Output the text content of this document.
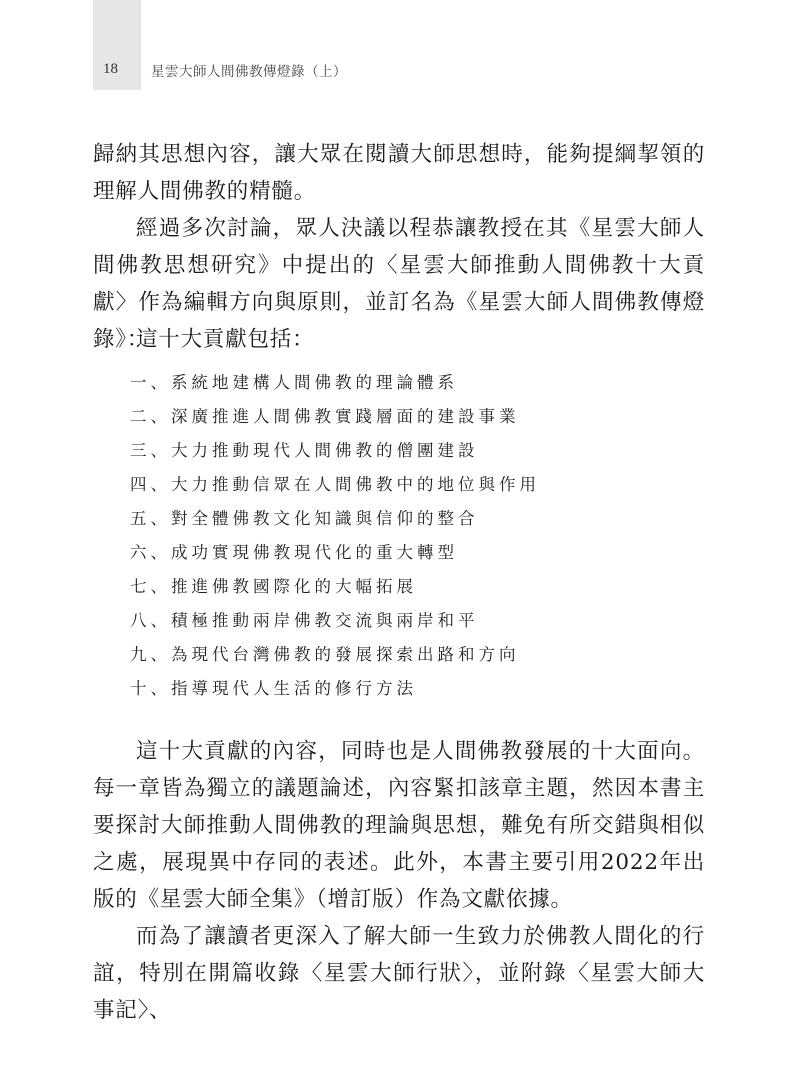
18 星雲大師人間佛教傳燈錄（上）

歸納其思想內容，讓大眾在閱讀大師思想時，能夠提綱挈領的理解人間佛教的精髓。

經過多次討論，眾人決議以程恭讓教授在其《星雲大師人間佛教思想研究》中提出的〈星雲大師推動人間佛教十大貢獻〉作為編輯方向與原則，並訂名為《星雲大師人間佛教傳燈錄》：

這十大貢獻包括：

一、系統地建構人間佛教的理論體系
二、深廣推進人間佛教實踐層面的建設事業
三、大力推動現代人間佛教的僧團建設
四、大力推動信眾在人間佛教中的地位與作用
五、對全體佛教文化知識與信仰的整合
六、成功實現佛教現代化的重大轉型
七、推進佛教國際化的大幅拓展
八、積極推動兩岸佛教交流與兩岸和平
九、為現代台灣佛教的發展探索出路和方向
十、指導現代人生活的修行方法

這十大貢獻的內容，同時也是人間佛教發展的十大面向。每一章皆為獨立的議題論述，內容緊扣該章主題，然因本書主要探討大師推動人間佛教的理論與思想，難免有所交錯與相似之處，展現異中存同的表述。此外，本書主要引用2022年出版的《星雲大師全集》（增訂版）作為文獻依據。

而為了讓讀者更深入了解大師一生致力於佛教人間化的行誼，特別在開篇收錄〈星雲大師行狀〉，並附錄〈星雲大師大事記〉、
